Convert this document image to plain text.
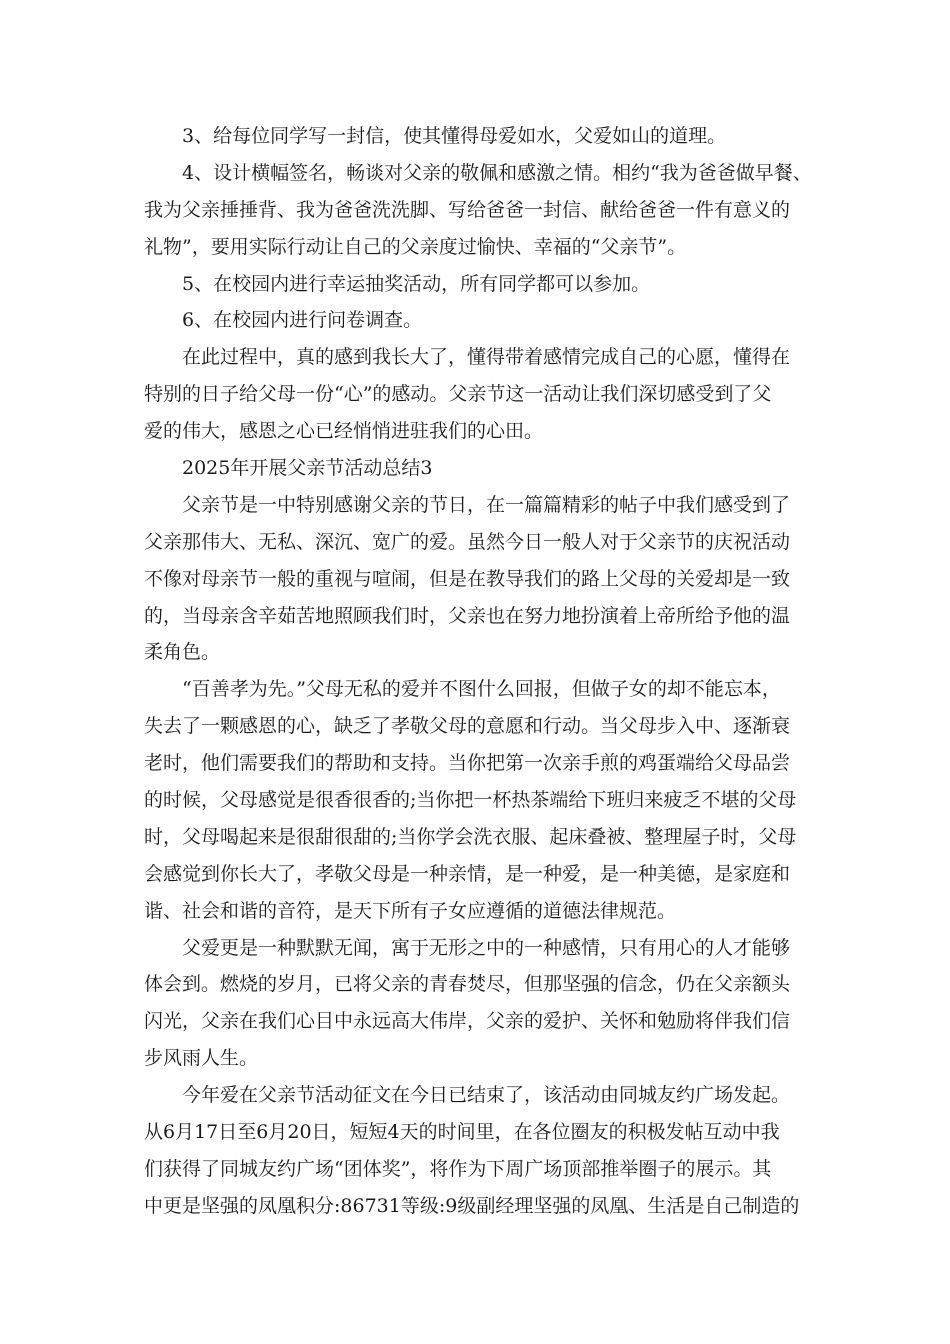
3、给每位同学写一封信，使其懂得母爱如水，父爱如山的道理。
4、设计横幅签名，畅谈对父亲的敬佩和感激之情。相约“我为爸爸做早餐、
我为父亲捶捶背、我为爸爸洗洗脚、写给爸爸一封信、献给爸爸一件有意义的
礼物”，要用实际行动让自己的父亲度过愉快、幸福的“父亲节”。
5、在校园内进行幸运抽奖活动，所有同学都可以参加。
6、在校园内进行问卷调查。
在此过程中，真的感到我长大了，懂得带着感情完成自己的心愿，懂得在
特别的日子给父母一份“心”的感动。父亲节这一活动让我们深切感受到了父
爱的伟大，感恩之心已经悄悄进驻我们的心田。
2025年开展父亲节活动总结3
父亲节是一中特别感谢父亲的节日，在一篇篇精彩的帖子中我们感受到了
父亲那伟大、无私、深沉、宽广的爱。虽然今日一般人对于父亲节的庆祝活动
不像对母亲节一般的重视与喧闹，但是在教导我们的路上父母的关爱却是一致
的，当母亲含辛茹苦地照顾我们时，父亲也在努力地扮演着上帝所给予他的温
柔角色。
“百善孝为先。”父母无私的爱并不图什么回报，但做子女的却不能忘本，
失去了一颗感恩的心，缺乏了孝敬父母的意愿和行动。当父母步入中、逐渐衰
老时，他们需要我们的帮助和支持。当你把第一次亲手煎的鸡蛋端给父母品尝
的时候，父母感觉是很香很香的;当你把一杯热茶端给下班归来疲乏不堪的父母
时，父母喝起来是很甜很甜的;当你学会洗衣服、起床叠被、整理屋子时，父母
会感觉到你长大了，孝敬父母是一种亲情，是一种爱，是一种美德，是家庭和
谐、社会和谐的音符，是天下所有子女应遵循的道德法律规范。
父爱更是一种默默无闻，寓于无形之中的一种感情，只有用心的人才能够
体会到。燃烧的岁月，已将父亲的青春焚尽，但那坚强的信念，仍在父亲额头
闪光，父亲在我们心目中永远高大伟岸，父亲的爱护、关怀和勉励将伴我们信
步风雨人生。
今年爱在父亲节活动征文在今日已结束了，该活动由同城友约广场发起。
从6月17日至6月20日，短短4天的时间里，在各位圈友的积极发帖互动中我
们获得了同城友约广场“团体奖”，将作为下周广场顶部推举圈子的展示。其
中更是坚强的凤凰积分:86731等级:9级副经理坚强的凤凰、生活是自己制造的
